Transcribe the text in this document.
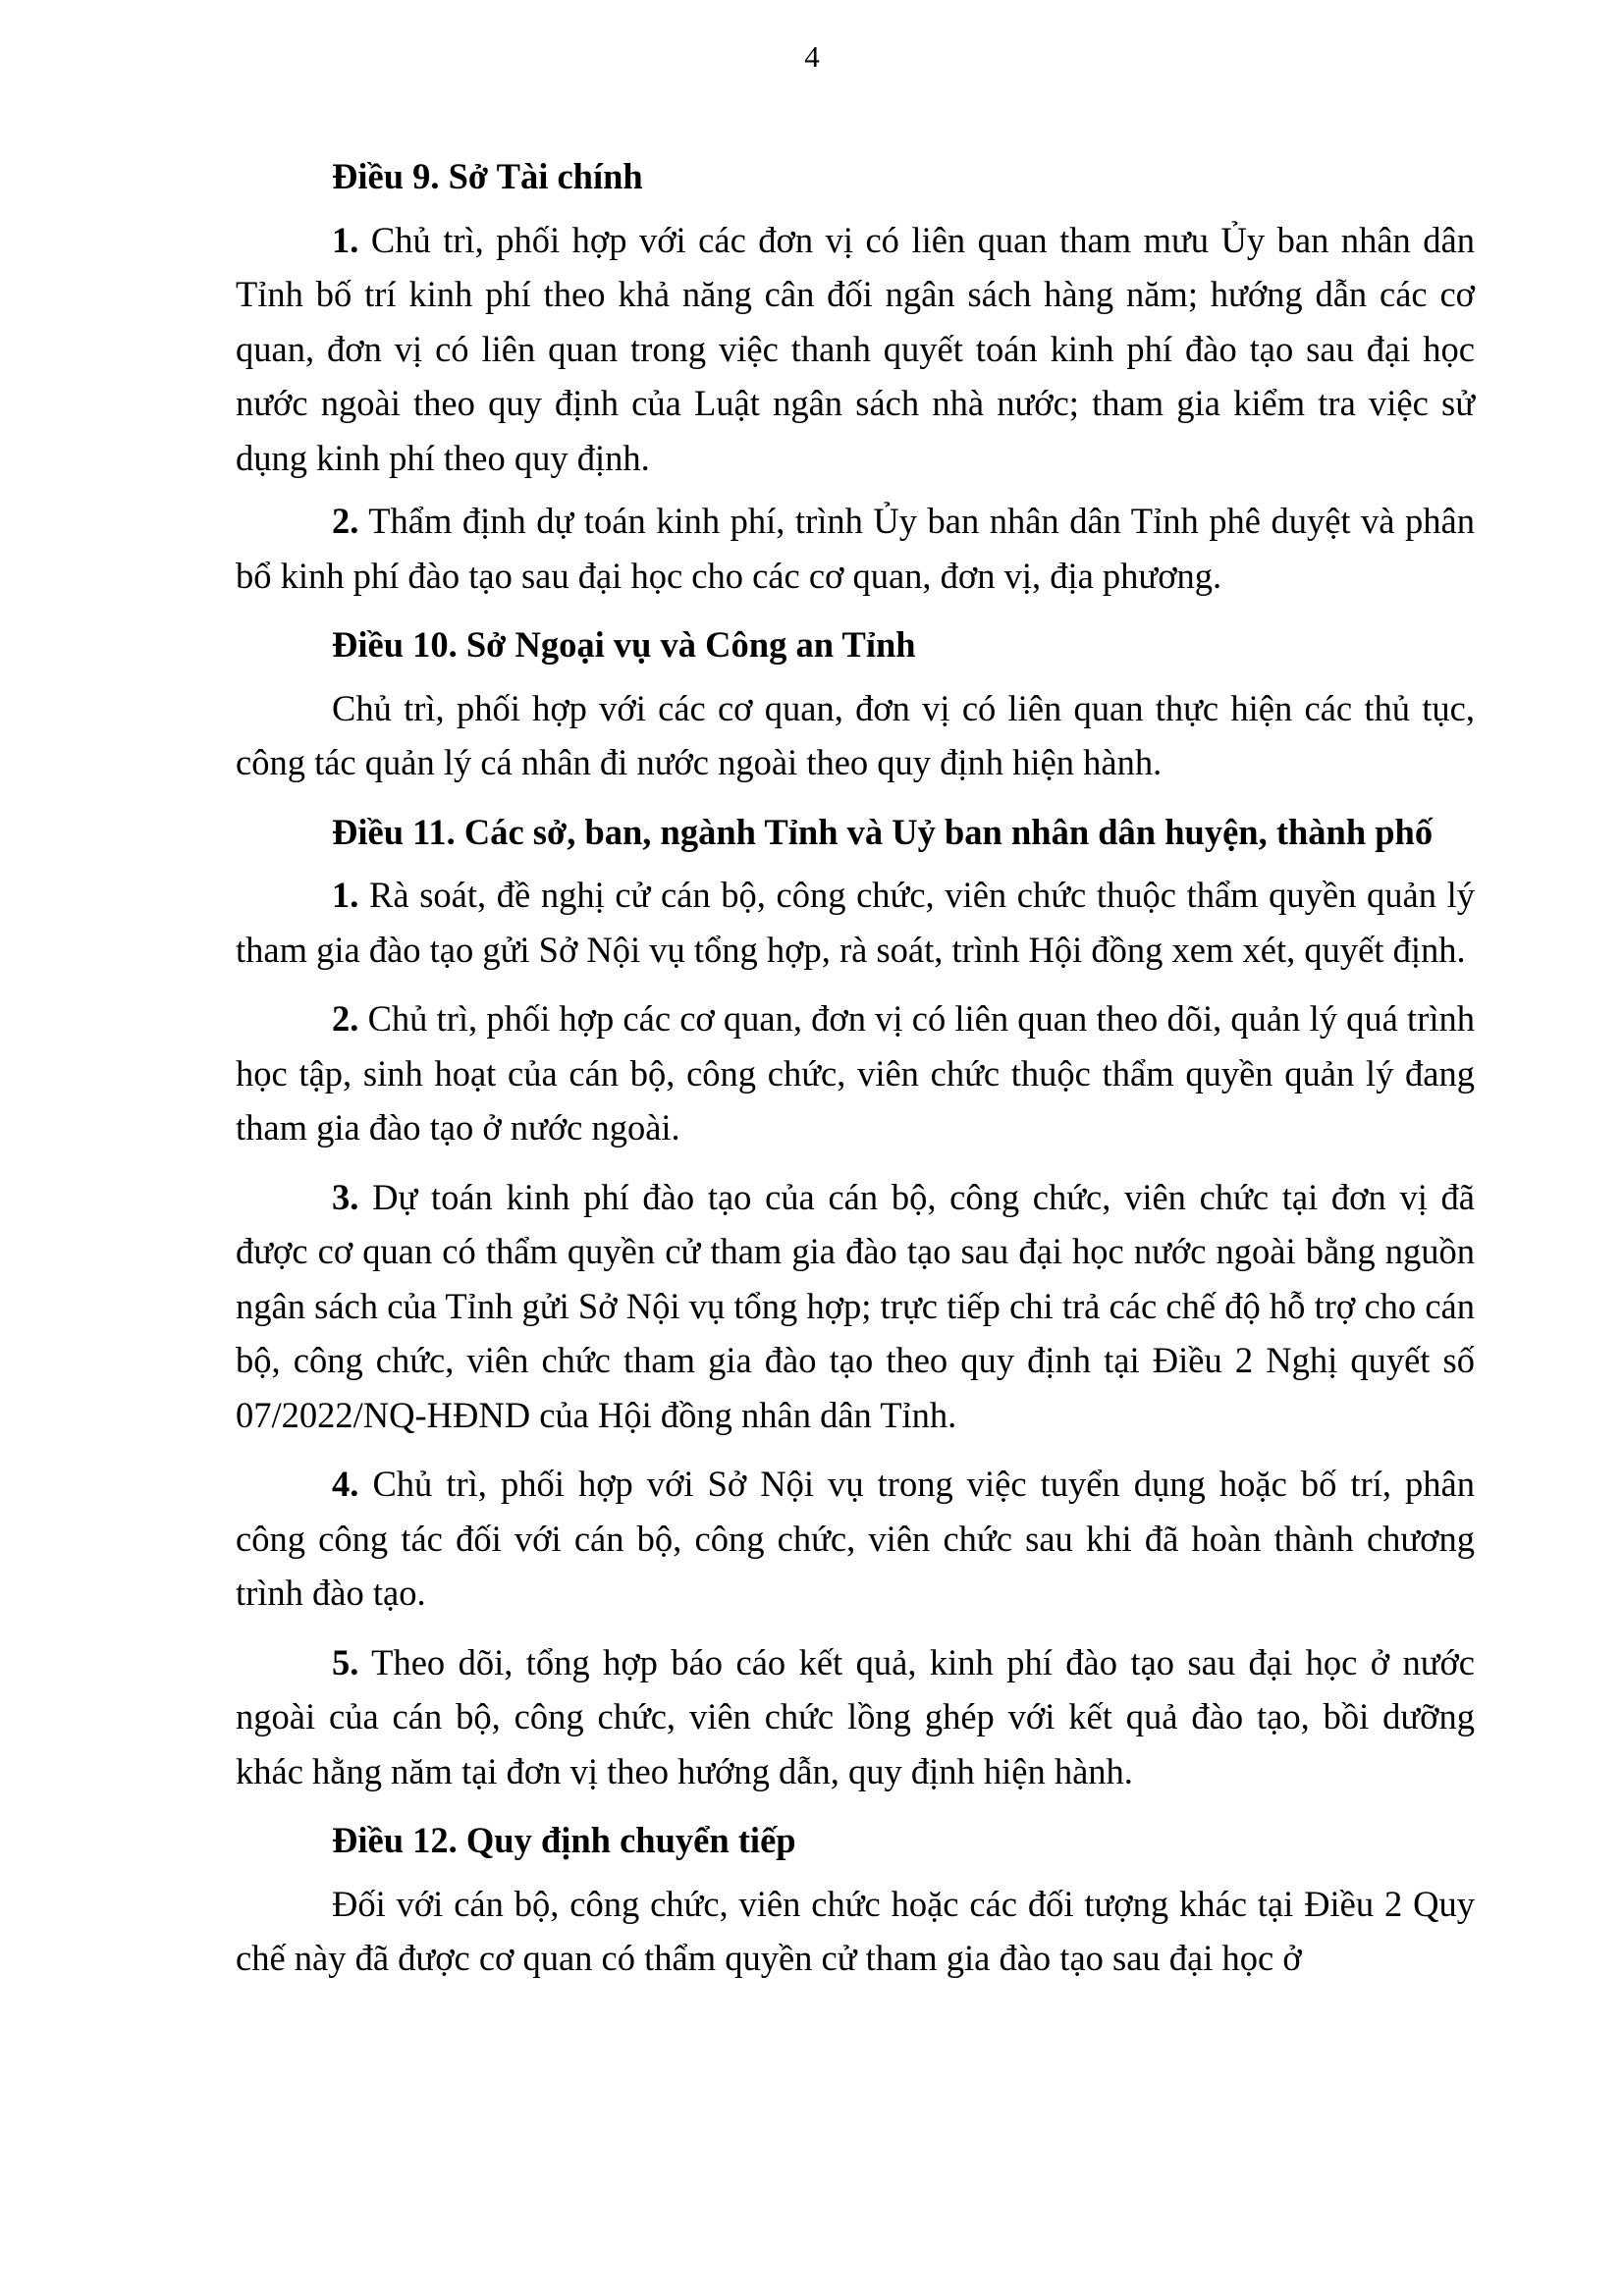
4

Điều 9. Sở Tài chính

1. Chủ trì, phối hợp với các đơn vị có liên quan tham mưu Ủy ban nhân dân Tỉnh bố trí kinh phí theo khả năng cân đối ngân sách hàng năm; hướng dẫn các cơ quan, đơn vị có liên quan trong việc thanh quyết toán kinh phí đào tạo sau đại học nước ngoài theo quy định của Luật ngân sách nhà nước; tham gia kiểm tra việc sử dụng kinh phí theo quy định.

2. Thẩm định dự toán kinh phí, trình Ủy ban nhân dân Tỉnh phê duyệt và phân bổ kinh phí đào tạo sau đại học cho các cơ quan, đơn vị, địa phương.

Điều 10. Sở Ngoại vụ và Công an Tỉnh

Chủ trì, phối hợp với các cơ quan, đơn vị có liên quan thực hiện các thủ tục, công tác quản lý cá nhân đi nước ngoài theo quy định hiện hành.

Điều 11. Các sở, ban, ngành Tỉnh và Uỷ ban nhân dân huyện, thành phố

1. Rà soát, đề nghị cử cán bộ, công chức, viên chức thuộc thẩm quyền quản lý tham gia đào tạo gửi Sở Nội vụ tổng hợp, rà soát, trình Hội đồng xem xét, quyết định.

2. Chủ trì, phối hợp các cơ quan, đơn vị có liên quan theo dõi, quản lý quá trình học tập, sinh hoạt của cán bộ, công chức, viên chức thuộc thẩm quyền quản lý đang tham gia đào tạo ở nước ngoài.

3. Dự toán kinh phí đào tạo của cán bộ, công chức, viên chức tại đơn vị đã được cơ quan có thẩm quyền cử tham gia đào tạo sau đại học nước ngoài bằng nguồn ngân sách của Tỉnh gửi Sở Nội vụ tổng hợp; trực tiếp chi trả các chế độ hỗ trợ cho cán bộ, công chức, viên chức tham gia đào tạo theo quy định tại Điều 2 Nghị quyết số 07/2022/NQ-HĐND của Hội đồng nhân dân Tỉnh.

4. Chủ trì, phối hợp với Sở Nội vụ trong việc tuyển dụng hoặc bố trí, phân công công tác đối với cán bộ, công chức, viên chức sau khi đã hoàn thành chương trình đào tạo.

5. Theo dõi, tổng hợp báo cáo kết quả, kinh phí đào tạo sau đại học ở nước ngoài của cán bộ, công chức, viên chức lồng ghép với kết quả đào tạo, bồi dưỡng khác hằng năm tại đơn vị theo hướng dẫn, quy định hiện hành.

Điều 12. Quy định chuyển tiếp

Đối với cán bộ, công chức, viên chức hoặc các đối tượng khác tại Điều 2 Quy chế này đã được cơ quan có thẩm quyền cử tham gia đào tạo sau đại học ở
